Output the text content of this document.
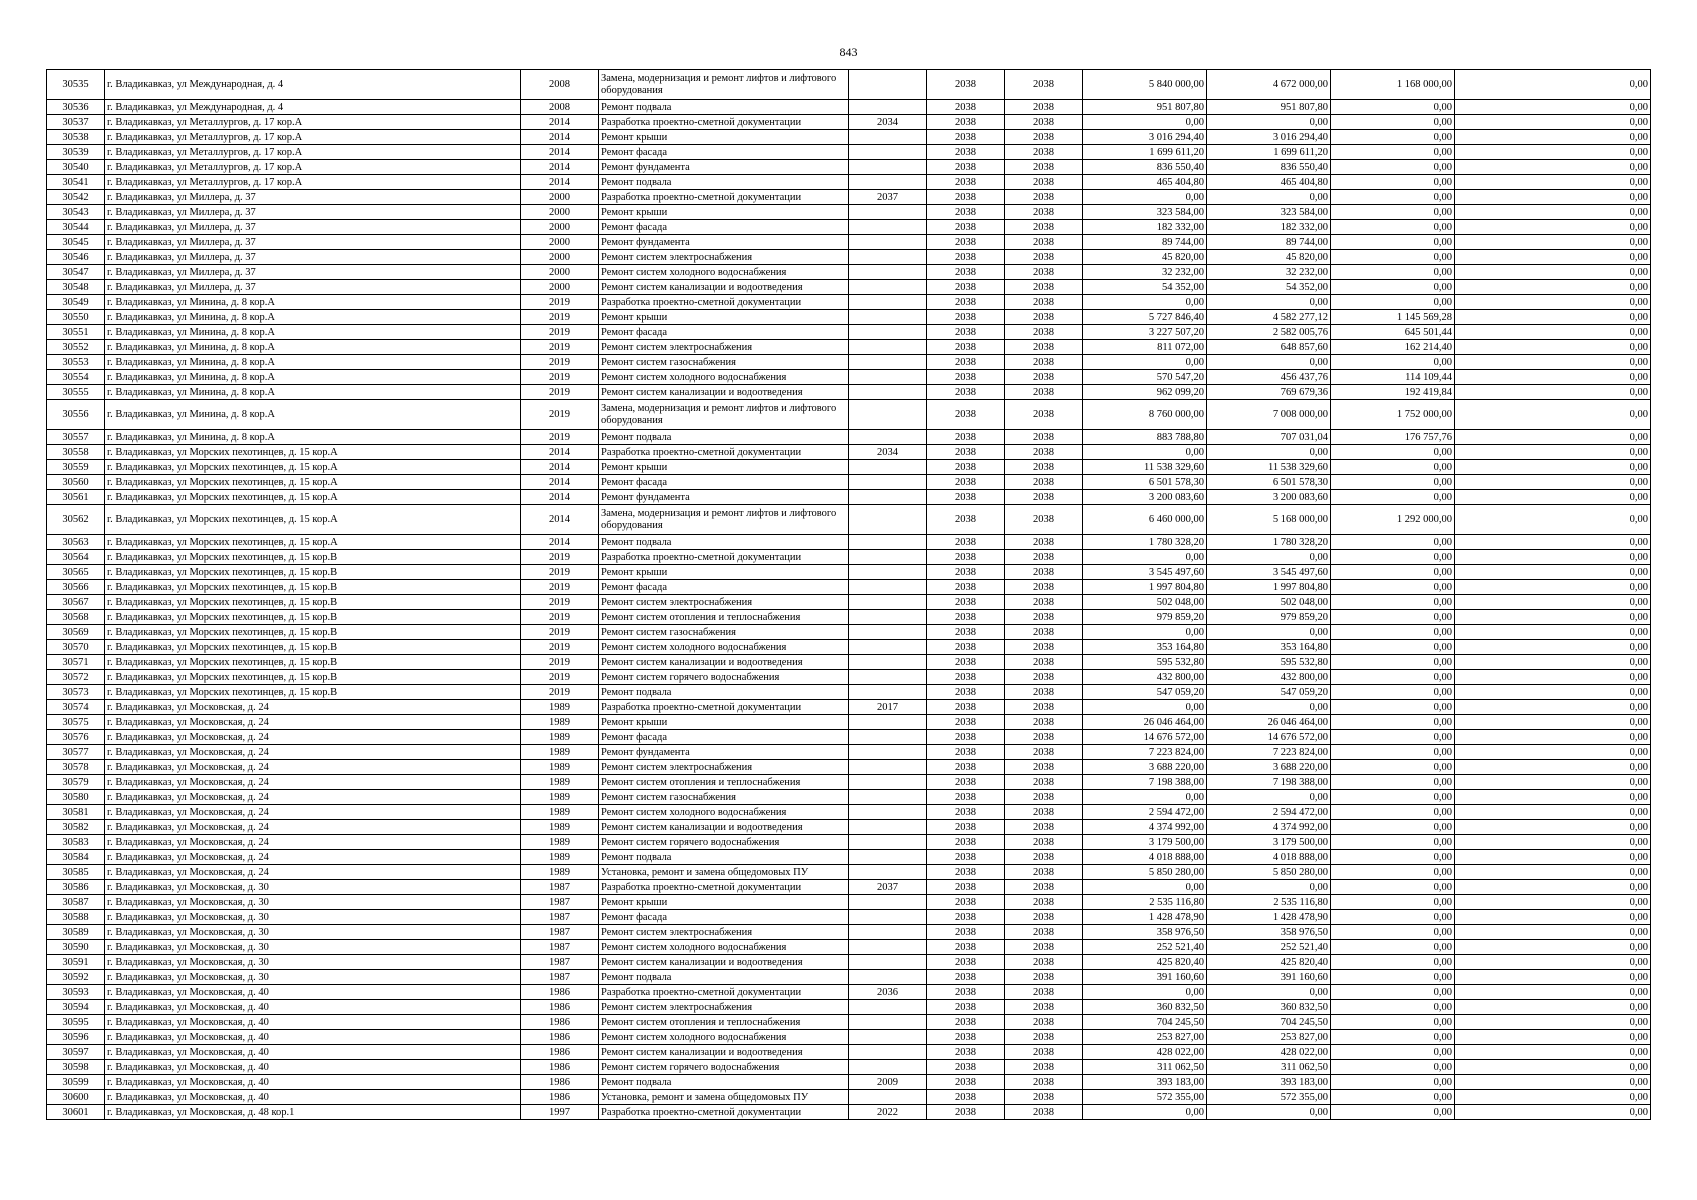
843
30535	г. Владикавказ, ул Международная, д. 4	2008	Замена, модернизация и ремонт лифтов и лифтового оборудования		2038	2038	5 840 000,00	4 672 000,00	1 168 000,00	0,00
30536	г. Владикавказ, ул Международная, д. 4	2008	Ремонт подвала		2038	2038	951 807,80	951 807,80	0,00	0,00
30537	г. Владикавказ, ул Металлургов, д. 17 кор.А	2014	Разработка проектно-сметной документации	2034	2038	2038	0,00	0,00	0,00	0,00
30538	г. Владикавказ, ул Металлургов, д. 17 кор.А	2014	Ремонт крыши		2038	2038	3 016 294,40	3 016 294,40	0,00	0,00
30539	г. Владикавказ, ул Металлургов, д. 17 кор.А	2014	Ремонт фасада		2038	2038	1 699 611,20	1 699 611,20	0,00	0,00
30540	г. Владикавказ, ул Металлургов, д. 17 кор.А	2014	Ремонт фундамента		2038	2038	836 550,40	836 550,40	0,00	0,00
30541	г. Владикавказ, ул Металлургов, д. 17 кор.А	2014	Ремонт подвала		2038	2038	465 404,80	465 404,80	0,00	0,00
30542	г. Владикавказ, ул Миллера, д. 37	2000	Разработка проектно-сметной документации	2037	2038	2038	0,00	0,00	0,00	0,00
30543	г. Владикавказ, ул Миллера, д. 37	2000	Ремонт крыши		2038	2038	323 584,00	323 584,00	0,00	0,00
30544	г. Владикавказ, ул Миллера, д. 37	2000	Ремонт фасада		2038	2038	182 332,00	182 332,00	0,00	0,00
30545	г. Владикавказ, ул Миллера, д. 37	2000	Ремонт фундамента		2038	2038	89 744,00	89 744,00	0,00	0,00
30546	г. Владикавказ, ул Миллера, д. 37	2000	Ремонт систем электроснабжения		2038	2038	45 820,00	45 820,00	0,00	0,00
30547	г. Владикавказ, ул Миллера, д. 37	2000	Ремонт систем холодного водоснабжения		2038	2038	32 232,00	32 232,00	0,00	0,00
30548	г. Владикавказ, ул Миллера, д. 37	2000	Ремонт систем канализации и водоотведения		2038	2038	54 352,00	54 352,00	0,00	0,00
30549	г. Владикавказ, ул Минина, д. 8 кор.А	2019	Разработка проектно-сметной документации		2038	2038	0,00	0,00	0,00	0,00
30550	г. Владикавказ, ул Минина, д. 8 кор.А	2019	Ремонт крыши		2038	2038	5 727 846,40	4 582 277,12	1 145 569,28	0,00
30551	г. Владикавказ, ул Минина, д. 8 кор.А	2019	Ремонт фасада		2038	2038	3 227 507,20	2 582 005,76	645 501,44	0,00
30552	г. Владикавказ, ул Минина, д. 8 кор.А	2019	Ремонт систем электроснабжения		2038	2038	811 072,00	648 857,60	162 214,40	0,00
30553	г. Владикавказ, ул Минина, д. 8 кор.А	2019	Ремонт систем газоснабжения		2038	2038	0,00	0,00	0,00	0,00
30554	г. Владикавказ, ул Минина, д. 8 кор.А	2019	Ремонт систем холодного водоснабжения		2038	2038	570 547,20	456 437,76	114 109,44	0,00
30555	г. Владикавказ, ул Минина, д. 8 кор.А	2019	Ремонт систем канализации и водоотведения		2038	2038	962 099,20	769 679,36	192 419,84	0,00
30556	г. Владикавказ, ул Минина, д. 8 кор.А	2019	Замена, модернизация и ремонт лифтов и лифтового оборудования		2038	2038	8 760 000,00	7 008 000,00	1 752 000,00	0,00
30557	г. Владикавказ, ул Минина, д. 8 кор.А	2019	Ремонт подвала		2038	2038	883 788,80	707 031,04	176 757,76	0,00
30558	г. Владикавказ, ул Морских пехотинцев, д. 15 кор.А	2014	Разработка проектно-сметной документации	2034	2038	2038	0,00	0,00	0,00	0,00
30559	г. Владикавказ, ул Морских пехотинцев, д. 15 кор.А	2014	Ремонт крыши		2038	2038	11 538 329,60	11 538 329,60	0,00	0,00
30560	г. Владикавказ, ул Морских пехотинцев, д. 15 кор.А	2014	Ремонт фасада		2038	2038	6 501 578,30	6 501 578,30	0,00	0,00
30561	г. Владикавказ, ул Морских пехотинцев, д. 15 кор.А	2014	Ремонт фундамента		2038	2038	3 200 083,60	3 200 083,60	0,00	0,00
30562	г. Владикавказ, ул Морских пехотинцев, д. 15 кор.А	2014	Замена, модернизация и ремонт лифтов и лифтового оборудования		2038	2038	6 460 000,00	5 168 000,00	1 292 000,00	0,00
30563	г. Владикавказ, ул Морских пехотинцев, д. 15 кор.А	2014	Ремонт подвала		2038	2038	1 780 328,20	1 780 328,20	0,00	0,00
30564	г. Владикавказ, ул Морских пехотинцев, д. 15 кор.В	2019	Разработка проектно-сметной документации		2038	2038	0,00	0,00	0,00	0,00
30565	г. Владикавказ, ул Морских пехотинцев, д. 15 кор.В	2019	Ремонт крыши		2038	2038	3 545 497,60	3 545 497,60	0,00	0,00
30566	г. Владикавказ, ул Морских пехотинцев, д. 15 кор.В	2019	Ремонт фасада		2038	2038	1 997 804,80	1 997 804,80	0,00	0,00
30567	г. Владикавказ, ул Морских пехотинцев, д. 15 кор.В	2019	Ремонт систем электроснабжения		2038	2038	502 048,00	502 048,00	0,00	0,00
30568	г. Владикавказ, ул Морских пехотинцев, д. 15 кор.В	2019	Ремонт систем отопления и теплоснабжения		2038	2038	979 859,20	979 859,20	0,00	0,00
30569	г. Владикавказ, ул Морских пехотинцев, д. 15 кор.В	2019	Ремонт систем газоснабжения		2038	2038	0,00	0,00	0,00	0,00
30570	г. Владикавказ, ул Морских пехотинцев, д. 15 кор.В	2019	Ремонт систем холодного водоснабжения		2038	2038	353 164,80	353 164,80	0,00	0,00
30571	г. Владикавказ, ул Морских пехотинцев, д. 15 кор.В	2019	Ремонт систем канализации и водоотведения		2038	2038	595 532,80	595 532,80	0,00	0,00
30572	г. Владикавказ, ул Морских пехотинцев, д. 15 кор.В	2019	Ремонт систем горячего водоснабжения		2038	2038	432 800,00	432 800,00	0,00	0,00
30573	г. Владикавказ, ул Морских пехотинцев, д. 15 кор.В	2019	Ремонт подвала		2038	2038	547 059,20	547 059,20	0,00	0,00
30574	г. Владикавказ, ул Московская, д. 24	1989	Разработка проектно-сметной документации	2017	2038	2038	0,00	0,00	0,00	0,00
30575	г. Владикавказ, ул Московская, д. 24	1989	Ремонт крыши		2038	2038	26 046 464,00	26 046 464,00	0,00	0,00
30576	г. Владикавказ, ул Московская, д. 24	1989	Ремонт фасада		2038	2038	14 676 572,00	14 676 572,00	0,00	0,00
30577	г. Владикавказ, ул Московская, д. 24	1989	Ремонт фундамента		2038	2038	7 223 824,00	7 223 824,00	0,00	0,00
30578	г. Владикавказ, ул Московская, д. 24	1989	Ремонт систем электроснабжения		2038	2038	3 688 220,00	3 688 220,00	0,00	0,00
30579	г. Владикавказ, ул Московская, д. 24	1989	Ремонт систем отопления и теплоснабжения		2038	2038	7 198 388,00	7 198 388,00	0,00	0,00
30580	г. Владикавказ, ул Московская, д. 24	1989	Ремонт систем газоснабжения		2038	2038	0,00	0,00	0,00	0,00
30581	г. Владикавказ, ул Московская, д. 24	1989	Ремонт систем холодного водоснабжения		2038	2038	2 594 472,00	2 594 472,00	0,00	0,00
30582	г. Владикавказ, ул Московская, д. 24	1989	Ремонт систем канализации и водоотведения		2038	2038	4 374 992,00	4 374 992,00	0,00	0,00
30583	г. Владикавказ, ул Московская, д. 24	1989	Ремонт систем горячего водоснабжения		2038	2038	3 179 500,00	3 179 500,00	0,00	0,00
30584	г. Владикавказ, ул Московская, д. 24	1989	Ремонт подвала		2038	2038	4 018 888,00	4 018 888,00	0,00	0,00
30585	г. Владикавказ, ул Московская, д. 24	1989	Установка, ремонт и замена общедомовых ПУ		2038	2038	5 850 280,00	5 850 280,00	0,00	0,00
30586	г. Владикавказ, ул Московская, д. 30	1987	Разработка проектно-сметной документации	2037	2038	2038	0,00	0,00	0,00	0,00
30587	г. Владикавказ, ул Московская, д. 30	1987	Ремонт крыши		2038	2038	2 535 116,80	2 535 116,80	0,00	0,00
30588	г. Владикавказ, ул Московская, д. 30	1987	Ремонт фасада		2038	2038	1 428 478,90	1 428 478,90	0,00	0,00
30589	г. Владикавказ, ул Московская, д. 30	1987	Ремонт систем электроснабжения		2038	2038	358 976,50	358 976,50	0,00	0,00
30590	г. Владикавказ, ул Московская, д. 30	1987	Ремонт систем холодного водоснабжения		2038	2038	252 521,40	252 521,40	0,00	0,00
30591	г. Владикавказ, ул Московская, д. 30	1987	Ремонт систем канализации и водоотведения		2038	2038	425 820,40	425 820,40	0,00	0,00
30592	г. Владикавказ, ул Московская, д. 30	1987	Ремонт подвала		2038	2038	391 160,60	391 160,60	0,00	0,00
30593	г. Владикавказ, ул Московская, д. 40	1986	Разработка проектно-сметной документации	2036	2038	2038	0,00	0,00	0,00	0,00
30594	г. Владикавказ, ул Московская, д. 40	1986	Ремонт систем электроснабжения		2038	2038	360 832,50	360 832,50	0,00	0,00
30595	г. Владикавказ, ул Московская, д. 40	1986	Ремонт систем отопления и теплоснабжения		2038	2038	704 245,50	704 245,50	0,00	0,00
30596	г. Владикавказ, ул Московская, д. 40	1986	Ремонт систем холодного водоснабжения		2038	2038	253 827,00	253 827,00	0,00	0,00
30597	г. Владикавказ, ул Московская, д. 40	1986	Ремонт систем канализации и водоотведения		2038	2038	428 022,00	428 022,00	0,00	0,00
30598	г. Владикавказ, ул Московская, д. 40	1986	Ремонт систем горячего водоснабжения		2038	2038	311 062,50	311 062,50	0,00	0,00
30599	г. Владикавказ, ул Московская, д. 40	1986	Ремонт подвала	2009	2038	2038	393 183,00	393 183,00	0,00	0,00
30600	г. Владикавказ, ул Московская, д. 40	1986	Установка, ремонт и замена общедомовых ПУ		2038	2038	572 355,00	572 355,00	0,00	0,00
30601	г. Владикавказ, ул Московская, д. 48 кор.1	1997	Разработка проектно-сметной документации	2022	2038	2038	0,00	0,00	0,00	0,00
